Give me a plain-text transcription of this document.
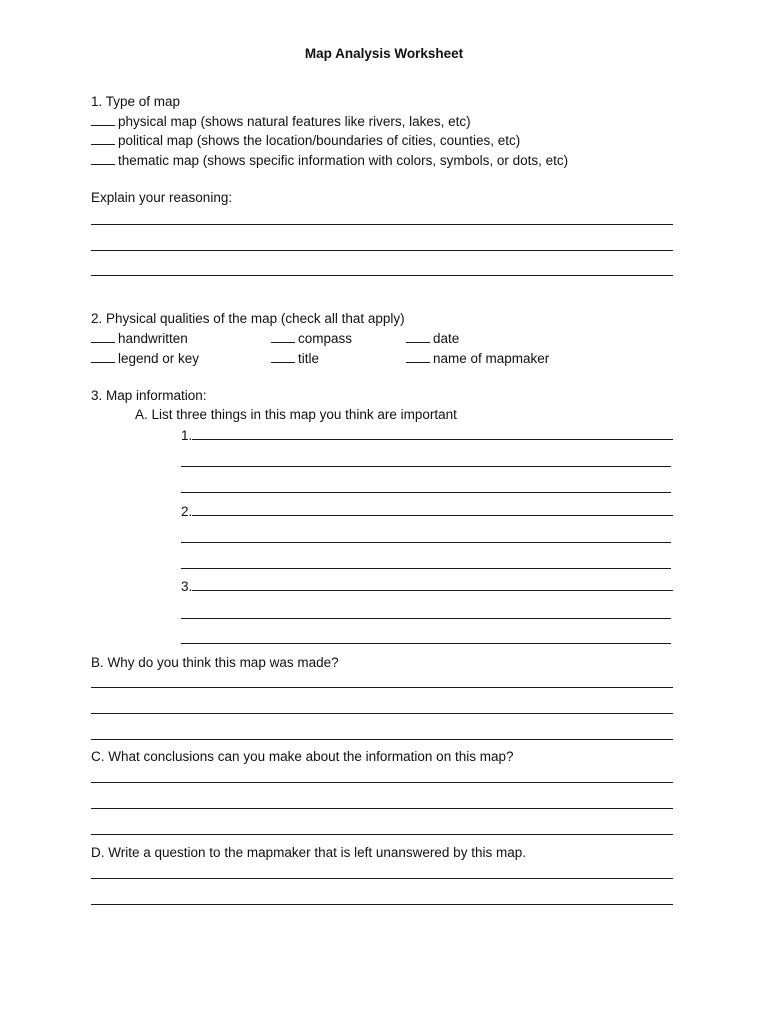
Map Analysis Worksheet
1. Type of map
physical map (shows natural features like rivers, lakes, etc)
political map (shows the location/boundaries of cities, counties, etc)
thematic map (shows specific information with colors, symbols, or dots, etc)
Explain your reasoning:
2. Physical qualities of the map (check all that apply)
handwritten	compass	date
legend or key	title	name of mapmaker
3. Map information:
A. List three things in this map you think are important
1.
2.
3.
B. Why do you think this map was made?
C. What conclusions can you make about the information on this map?
D. Write a question to the mapmaker that is left unanswered by this map.
